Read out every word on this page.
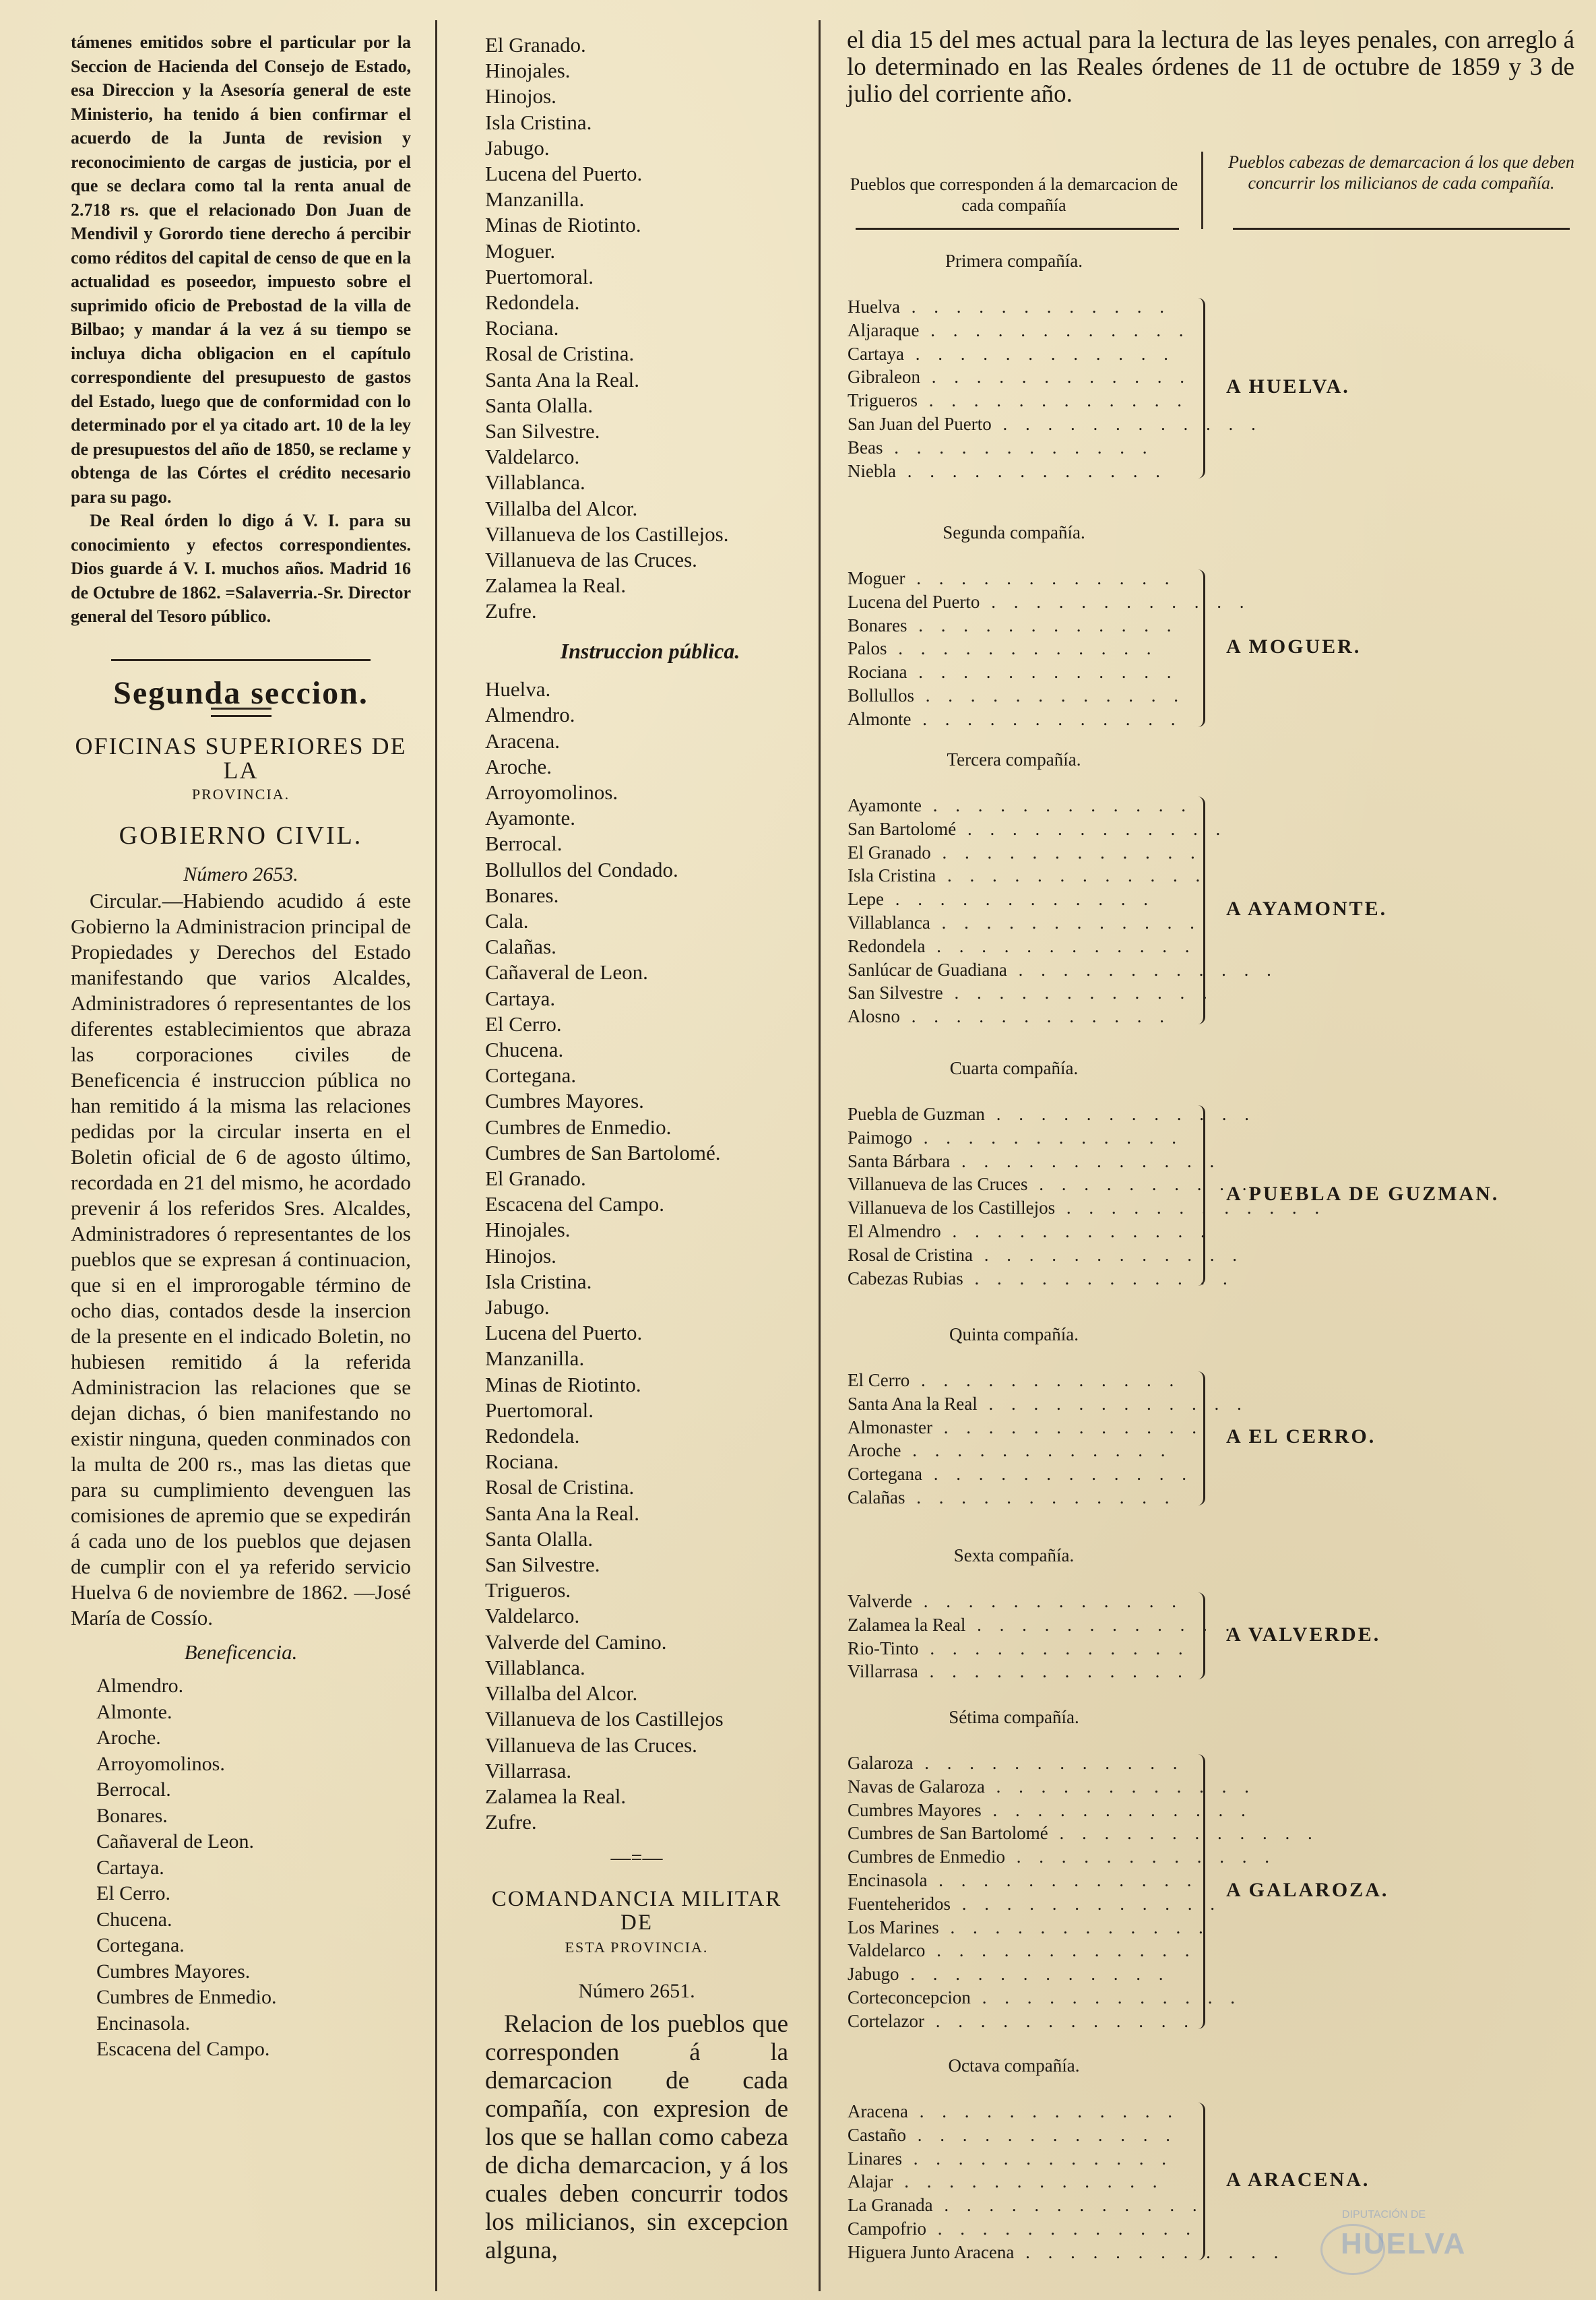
támenes emitidos sobre el particular por la Seccion de Hacienda del Consejo de Estado, esa Direccion y la Asesoría general de este Ministerio, ha tenido á bien confirmar el acuerdo de la Junta de revision y reconocimiento de cargas de justicia, por el que se declara como tal la renta anual de 2.718 rs. que el relacionado Don Juan de Mendivil y Gorordo tiene derecho á percibir como réditos del capital de censo de que en la actualidad es poseedor, impuesto sobre el suprimido oficio de Prebostad de la villa de Bilbao; y mandar á la vez á su tiempo se incluya dicha obligacion en el capítulo correspondiente del presupuesto de gastos del Estado, luego que de conformidad con lo determinado por el ya citado art. 10 de la ley de presupuestos del año de 1850, se reclame y obtenga de las Córtes el crédito necesario para su pago.
De Real órden lo digo á V. I. para su conocimiento y efectos correspondientes. Dios guarde á V. I. muchos años. Madrid 16 de Octubre de 1862. =Salaverria.-Sr. Director general del Tesoro público.
Segunda seccion.
OFICINAS SUPERIORES DE LA
PROVINCIA.
GOBIERNO CIVIL.
Número 2653.
Circular.—Habiendo acudido á este Gobierno la Administracion principal de Propiedades y Derechos del Estado manifestando que varios Alcaldes, Administradores ó representantes de los diferentes establecimientos que abraza las corporaciones civiles de Beneficencia é instruccion pública no han remitido á la misma las relaciones pedidas por la circular inserta en el Boletin oficial de 6 de agosto último, recordada en 21 del mismo, he acordado prevenir á los referidos Sres. Alcaldes, Administradores ó representantes de los pueblos que se expresan á continuacion, que si en el improrogable término de ocho dias, contados desde la insercion de la presente en el indicado Boletin, no hubiesen remitido á la referida Administracion las relaciones que se dejan dichas, ó bien manifestando no existir ninguna, queden conminados con la multa de 200 rs., mas las dietas que para su cumplimiento devenguen las comisiones de apremio que se expedirán á cada uno de los pueblos que dejasen de cumplir con el ya referido servicio Huelva 6 de noviembre de 1862. —José María de Cossío.
Beneficencia.
Almendro.
Almonte.
Aroche.
Arroyomolinos.
Berrocal.
Bonares.
Cañaveral de Leon.
Cartaya.
El Cerro.
Chucena.
Cortegana.
Cumbres Mayores.
Cumbres de Enmedio.
Encinasola.
Escacena del Campo.
El Granado.
Hinojales.
Hinojos.
Isla Cristina.
Jabugo.
Lucena del Puerto.
Manzanilla.
Minas de Riotinto.
Moguer.
Puertomoral.
Redondela.
Rociana.
Rosal de Cristina.
Santa Ana la Real.
Santa Olalla.
San Silvestre.
Valdelarco.
Villablanca.
Villalba del Alcor.
Villanueva de los Castillejos.
Villanueva de las Cruces.
Zalamea la Real.
Zufre.
Instruccion pública.
Huelva.
Almendro.
Aracena.
Aroche.
Arroyomolinos.
Ayamonte.
Berrocal.
Bollullos del Condado.
Bonares.
Cala.
Calañas.
Cañaveral de Leon.
Cartaya.
El Cerro.
Chucena.
Cortegana.
Cumbres Mayores.
Cumbres de Enmedio.
Cumbres de San Bartolomé.
El Granado.
Escacena del Campo.
Hinojales.
Hinojos.
Isla Cristina.
Jabugo.
Lucena del Puerto.
Manzanilla.
Minas de Riotinto.
Puertomoral.
Redondela.
Rociana.
Rosal de Cristina.
Santa Ana la Real.
Santa Olalla.
San Silvestre.
Trigueros.
Valdelarco.
Valverde del Camino.
Villablanca.
Villalba del Alcor.
Villanueva de los Castillejos
Villanueva de las Cruces.
Villarrasa.
Zalamea la Real.
Zufre.
—=—
COMANDANCIA MILITAR DE
ESTA PROVINCIA.
Número 2651.
Relacion de los pueblos que corresponden á la demarcacion de cada compañía, con expresion de los que se hallan como cabeza de dicha demarcacion, y á los cuales deben concurrir todos los milicianos, sin excepcion alguna,
el dia 15 del mes actual para la lectura de las leyes penales, con arreglo á lo determinado en las Reales órdenes de 11 de octubre de 1859 y 3 de julio del corriente año.
Pueblos que corresponden á la demarcacion de cada compañía
Pueblos cabezas de demarcacion á los que deben concurrir los milicianos de cada compañía.
Primera compañía.
Huelva . . . . . . . . . . . .
Aljaraque . . . . . . . . . . . .
Cartaya . . . . . . . . . . . .
Gibraleon . . . . . . . . . . . .
Trigueros . . . . . . . . . . . .
San Juan del Puerto . . . . . . . . . . . .
Beas . . . . . . . . . . . .
Niebla . . . . . . . . . . . .
A HUELVA.
Segunda compañía.
Moguer . . . . . . . . . . . .
Lucena del Puerto . . . . . . . . . . . .
Bonares . . . . . . . . . . . .
Palos . . . . . . . . . . . .
Rociana . . . . . . . . . . . .
Bollullos . . . . . . . . . . . .
Almonte . . . . . . . . . . . .
A MOGUER.
Tercera compañía.
Ayamonte . . . . . . . . . . . .
San Bartolomé . . . . . . . . . . . .
El Granado . . . . . . . . . . . .
Isla Cristina . . . . . . . . . . . .
Lepe . . . . . . . . . . . .
Villablanca . . . . . . . . . . . .
Redondela . . . . . . . . . . . .
Sanlúcar de Guadiana . . . . . . . . . . . .
San Silvestre . . . . . . . . . . . .
Alosno . . . . . . . . . . . .
A AYAMONTE.
Cuarta compañía.
Puebla de Guzman . . . . . . . . . . . .
Paimogo . . . . . . . . . . . .
Santa Bárbara . . . . . . . . . . . .
Villanueva de las Cruces . . . . . . . . . . . .
Villanueva de los Castillejos . . . . . . . . . . . .
El Almendro . . . . . . . . . . . .
Rosal de Cristina . . . . . . . . . . . .
Cabezas Rubias . . . . . . . . . . . .
A PUEBLA DE GUZMAN.
Quinta compañía.
El Cerro . . . . . . . . . . . .
Santa Ana la Real . . . . . . . . . . . .
Almonaster . . . . . . . . . . . .
Aroche . . . . . . . . . . . .
Cortegana . . . . . . . . . . . .
Calañas . . . . . . . . . . . .
A EL CERRO.
Sexta compañía.
Valverde . . . . . . . . . . . .
Zalamea la Real . . . . . . . . . . . .
Rio-Tinto . . . . . . . . . . . .
Villarrasa . . . . . . . . . . . .
A VALVERDE.
Sétima compañía.
Galaroza . . . . . . . . . . . .
Navas de Galaroza . . . . . . . . . . . .
Cumbres Mayores . . . . . . . . . . . .
Cumbres de San Bartolomé . . . . . . . . . . . .
Cumbres de Enmedio . . . . . . . . . . . .
Encinasola . . . . . . . . . . . .
Fuenteheridos . . . . . . . . . . . .
Los Marines . . . . . . . . . . . .
Valdelarco . . . . . . . . . . . .
Jabugo . . . . . . . . . . . .
Corteconcepcion . . . . . . . . . . . .
Cortelazor . . . . . . . . . . . .
A GALAROZA.
Octava compañía.
Aracena . . . . . . . . . . . .
Castaño . . . . . . . . . . . .
Linares . . . . . . . . . . . .
Alajar . . . . . . . . . . . .
La Granada . . . . . . . . . . . .
Campofrio . . . . . . . . . . . .
Higuera Junto Aracena . . . . . . . . . . . .
A ARACENA.
DIPUTACIÓN DE
HUELVA
